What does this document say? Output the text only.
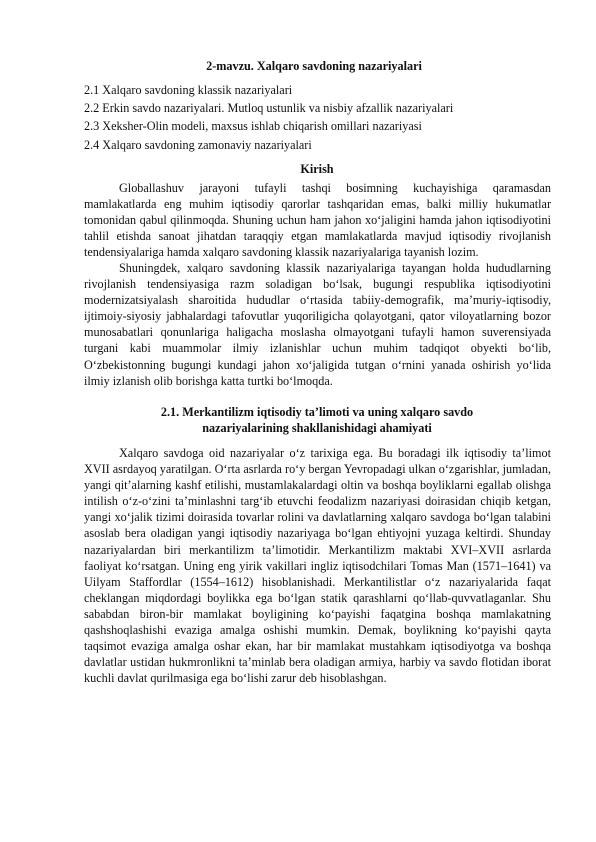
2-mavzu. Xalqaro savdoning nazariyalari
2.1 Xalqaro savdoning klassik nazariyalari
2.2 Erkin savdo nazariyalari. Mutloq ustunlik va nisbiy afzallik nazariyalari
2.3 Xeksher-Olin modeli, maxsus ishlab chiqarish omillari nazariyasi
2.4 Xalqaro savdoning zamonaviy nazariyalari
Kirish

Globallashuv jarayoni tufayli tashqi bosimning kuchayishiga qaramasdan mamlakatlarda eng muhim iqtisodiy qarorlar tashqaridan emas, balki milliy hukumatlar tomonidan qabul qilinmoqda. Shuning uchun ham jahon xo‘jaligini hamda jahon iqtisodiyotini tahlil etishda sanoat jihatdan taraqqiy etgan mamlakatlarda mavjud iqtisodiy rivojlanish tendensiyalariga hamda xalqaro savdoning klassik nazariyalariga tayanish lozim.

Shuningdek, xalqaro savdoning klassik nazariyalariga tayangan holda hududlarning rivojlanish tendensiyasiga razm soladigan bo‘lsak, bugungi respublika iqtisodiyotini modernizatsiyalash sharoitida hududlar o‘rtasida tabiiy-demografik, ma’muriy-iqtisodiy, ijtimoiy-siyosiy jabhalardagi tafovutlar yuqoriligicha qolayotgani, qator viloyatlarning bozor munosabatlari qonunlariga haligacha moslasha olmayotgani tufayli hamon suverensiyada turgani kabi muammolar ilmiy izlanishlar uchun muhim tadqiqot obyekti bo‘lib, O‘zbekistonning bugungi kundagi jahon xo‘jaligida tutgan o‘rnini yanada oshirish yo‘lida ilmiy izlanish olib borishga katta turtki bo‘lmoqda.

2.1. Merkantilizm iqtisodiy ta’limoti va uning xalqaro savdo
nazariyalarining shakllanishidagi ahamiyati

Xalqaro savdoga oid nazariyalar o‘z tarixiga ega. Bu boradagi ilk iqtisodiy ta’limot XVII asrdayoq yaratilgan. O‘rta asrlarda ro‘y bergan Yevropadagi ulkan o‘zgarishlar, jumladan, yangi qit’alarning kashf etilishi, mustamlakalardagi oltin va boshqa boyliklarni egallab olishga intilish o‘z-o‘zini ta’minlashni targ‘ib etuvchi feodalizm nazariyasi doirasidan chiqib ketgan, yangi xo‘jalik tizimi doirasida tovarlar rolini va davlatlarning xalqaro savdoga bo‘lgan talabini asoslab bera oladigan yangi iqtisodiy nazariyaga bo‘lgan ehtiyojni yuzaga keltirdi. Shunday nazariyalardan biri merkantilizm ta’limotidir. Merkantilizm maktabi XVI–XVII asrlarda faoliyat ko‘rsatgan. Uning eng yirik vakillari ingliz iqtisodchilari Tomas Man (1571–1641) va Uilyam Staffordlar (1554–1612) hisoblanishadi. Merkantilistlar o‘z nazariyalarida faqat cheklangan miqdordagi boylikka ega bo‘lgan statik qarashlarni qo‘llab-quvvatlaganlar. Shu sababdan biron-bir mamlakat boyligining ko‘payishi faqatgina boshqa mamlakatning qashshoqlashishi evaziga amalga oshishi mumkin. Demak, boylikning ko‘payishi qayta taqsimot evaziga amalga oshar ekan, har bir mamlakat mustahkam iqtisodiyotga va boshqa davlatlar ustidan hukmronlikni ta’minlab bera oladigan armiya, harbiy va savdo flotidan iborat kuchli davlat qurilmasiga ega bo‘lishi zarur deb hisoblashgan.
